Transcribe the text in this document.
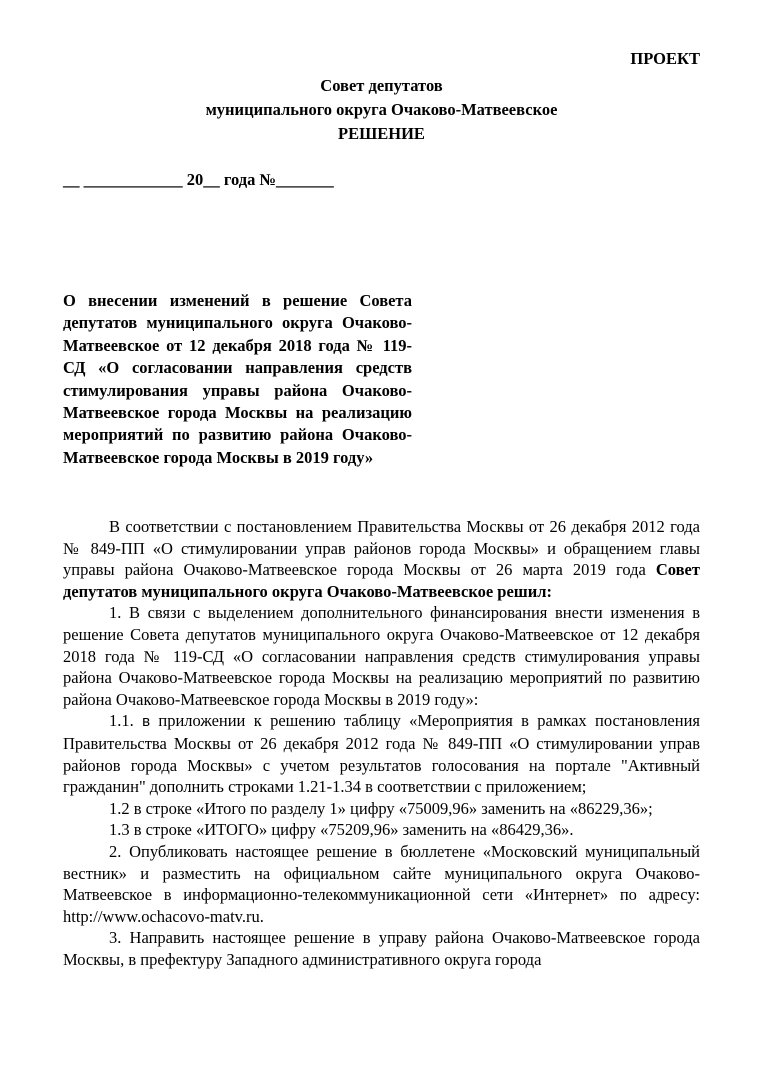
ПРОЕКТ
Совет депутатов
муниципального округа Очаково-Матвеевское
РЕШЕНИЕ
__ ____________ 20__ года №_______
О внесении изменений в решение Совета депутатов муниципального округа Очаково-Матвеевское от 12 декабря 2018 года № 119-СД «О согласовании направления средств стимулирования управы района Очаково-Матвеевское города Москвы на реализацию мероприятий по развитию района Очаково-Матвеевское города Москвы в 2019 году»

В соответствии с постановлением Правительства Москвы от 26 декабря 2012 года № 849-ПП «О стимулировании управ районов города Москвы» и обращением главы управы района Очаково-Матвеевское города Москвы от 26 марта 2019 года Совет депутатов муниципального округа Очаково-Матвеевское решил:

1. В связи с выделением дополнительного финансирования внести изменения в решение Совета депутатов муниципального округа Очаково-Матвеевское от 12 декабря 2018 года № 119-СД «О согласовании направления средств стимулирования управы района Очаково-Матвеевское города Москвы на реализацию мероприятий по развитию района Очаково-Матвеевское города Москвы в 2019 году»:

1.1. в приложении к решению таблицу «Мероприятия в рамках постановления Правительства Москвы от 26 декабря 2012 года № 849-ПП «О стимулировании управ районов города Москвы» с учетом результатов голосования на портале "Активный гражданин" дополнить строками 1.21-1.34 в соответствии с приложением;

1.2 в строке «Итого по разделу 1» цифру «75009,96» заменить на «86229,36»;

1.3 в строке «ИТОГО» цифру «75209,96» заменить на «86429,36».

2. Опубликовать настоящее решение в бюллетене «Московский муниципальный вестник» и разместить на официальном сайте муниципального округа Очаково-Матвеевское в информационно-телекоммуникационной сети «Интернет» по адресу: http://www.ochacovo-matv.ru.

3. Направить настоящее решение в управу района Очаково-Матвеевское города Москвы, в префектуру Западного административного округа города
